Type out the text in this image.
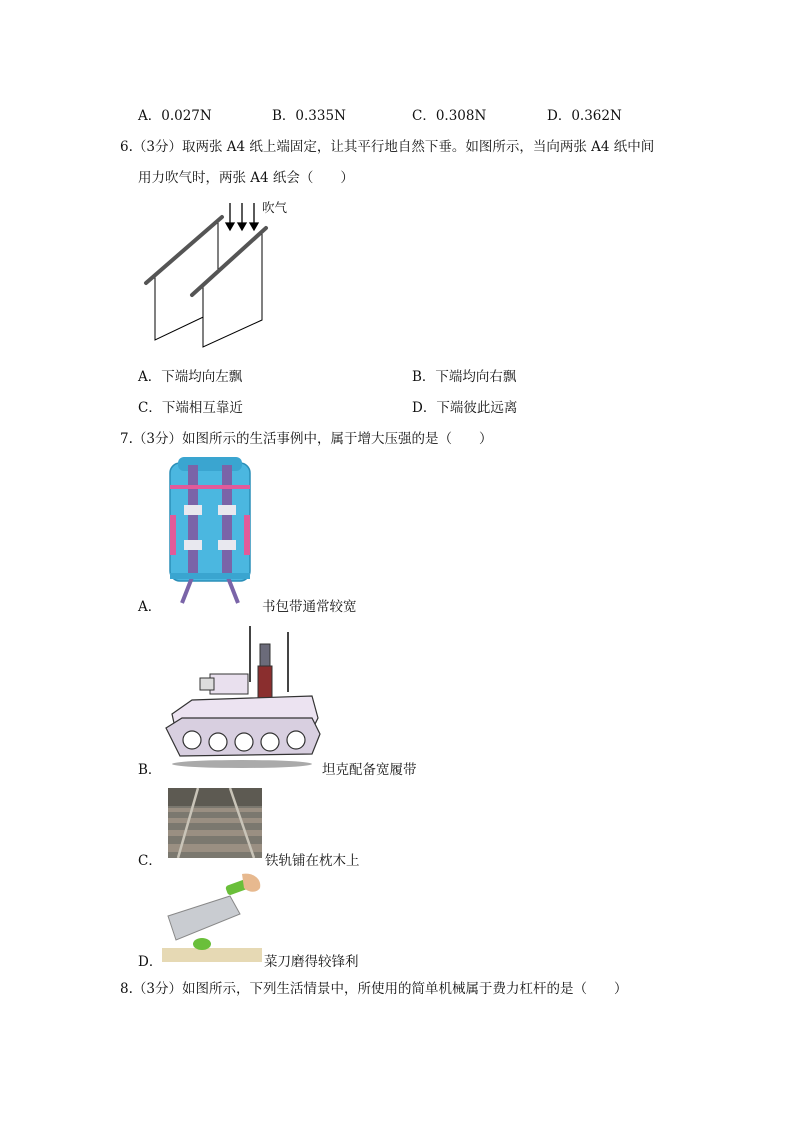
A．0.027N	B．0.335N	C．0.308N	D．0.362N
6.（3分）取两张 A4 纸上端固定，让其平行地自然下垂。如图所示，当向两张 A4 纸中间
用力吹气时，两张 A4 纸会（　　）
吹气
A．下端均向左飘	B．下端均向右飘
C．下端相互靠近	D．下端彼此远离
7.（3分）如图所示的生活事例中，属于增大压强的是（　　）
A．	书包带通常较宽
B．	坦克配备宽履带
C．	铁轨铺在枕木上
D．	菜刀磨得较锋利
8.（3分）如图所示，下列生活情景中，所使用的简单机械属于费力杠杆的是（　　）
